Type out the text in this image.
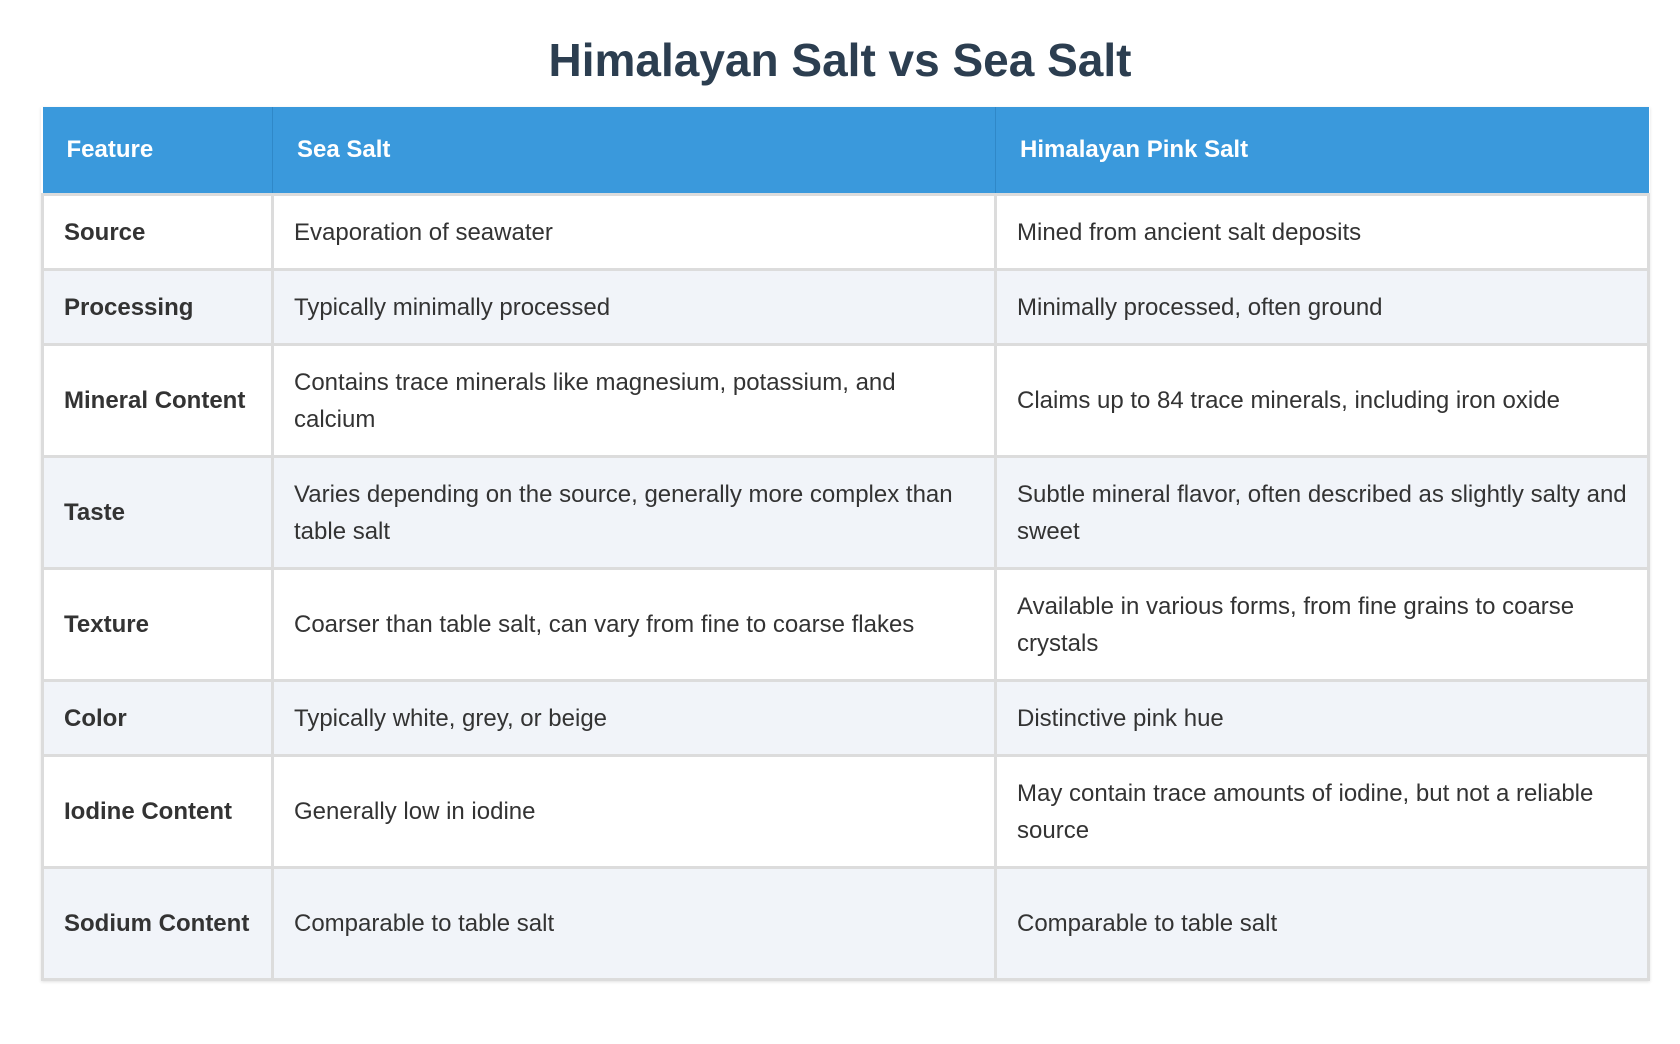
Himalayan Salt vs Sea Salt
Feature	Sea Salt	Himalayan Pink Salt
Source	Evaporation of seawater	Mined from ancient salt deposits
Processing	Typically minimally processed	Minimally processed, often ground
Mineral Content	Contains trace minerals like magnesium, potassium, and calcium	Claims up to 84 trace minerals, including iron oxide
Taste	Varies depending on the source, generally more complex than table salt	Subtle mineral flavor, often described as slightly salty and sweet
Texture	Coarser than table salt, can vary from fine to coarse flakes	Available in various forms, from fine grains to coarse crystals
Color	Typically white, grey, or beige	Distinctive pink hue
Iodine Content	Generally low in iodine	May contain trace amounts of iodine, but not a reliable source
Sodium Content	Comparable to table salt	Comparable to table salt
